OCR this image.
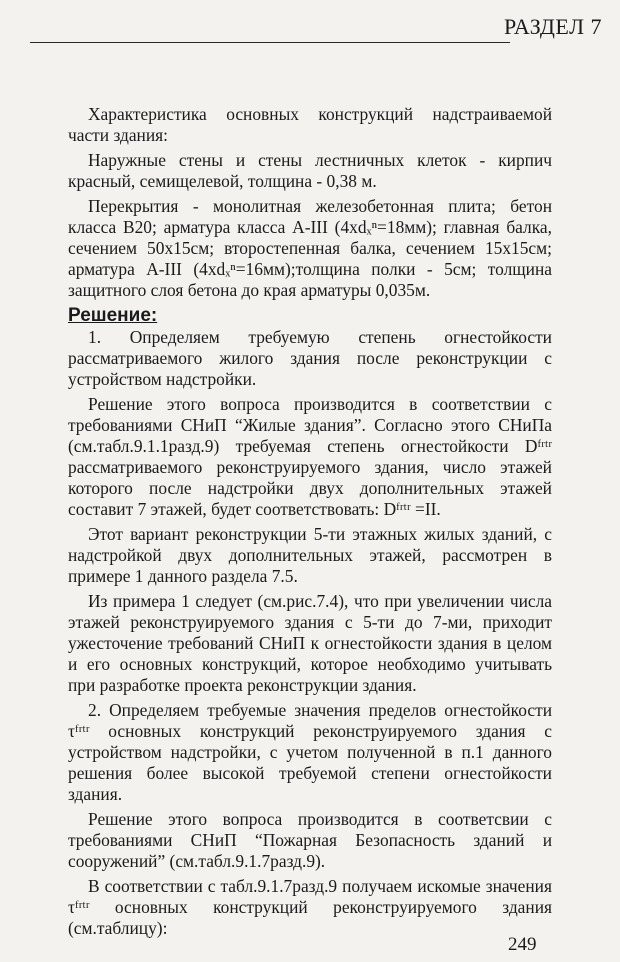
РАЗДЕЛ 7

Характеристика основных конструкций надстраиваемой части здания:

Наружные стены и стены лестничных клеток - кирпич красный, семищелевой, толщина - 0,38 м.

Перекрытия - монолитная железобетонная плита; бетон класса В20; арматура класса А-III (4xdₓⁿ=18мм); главная балка, сечением 50x15см; второстепенная балка, сечением 15x15см; арматура А-III (4xdₓⁿ=16мм);толщина полки - 5см; толщина защитного слоя бетона до края арматуры 0,035м.

Решение:

1. Определяем требуемую степень огнестойкости рассматриваемого жилого здания после реконструкции с устройством надстройки.

Решение этого вопроса производится в соответствии с требованиями СНиП “Жилые здания”. Согласно этого СНиПа (см.табл.9.1.1разд.9) требуемая степень огнестойкости Dᶠʳᵗʳ рассматриваемого реконструируемого здания, число этажей которого после надстройки двух дополнительных этажей составит 7 этажей, будет соответствовать: Dᶠʳᵗʳ =II.

Этот вариант реконструкции 5-ти этажных жилых зданий, с надстройкой двух дополнительных этажей, рассмотрен в примере 1 данного раздела 7.5.

Из примера 1 следует (см.рис.7.4), что при увеличении числа этажей реконструируемого здания с 5-ти до 7-ми, приходит ужесточение требований СНиП к огнестойкости здания в целом и его основных конструкций, которое необходимо учитывать при разработке проекта реконструкции здания.

2. Определяем требуемые значения пределов огнестойкости τᶠʳᵗʳ основных конструкций реконструируемого здания с устройством надстройки, с учетом полученной в п.1 данного решения более высокой требуемой степени огнестойкости здания.

Решение этого вопроса производится в соответсвии с требованиями СНиП “Пожарная Безопасность зданий и сооружений” (см.табл.9.1.7разд.9).

В соответствии с табл.9.1.7разд.9 получаем искомые значения τᶠʳᵗʳ основных конструкций реконструируемого здания (см.таблицу):

249
